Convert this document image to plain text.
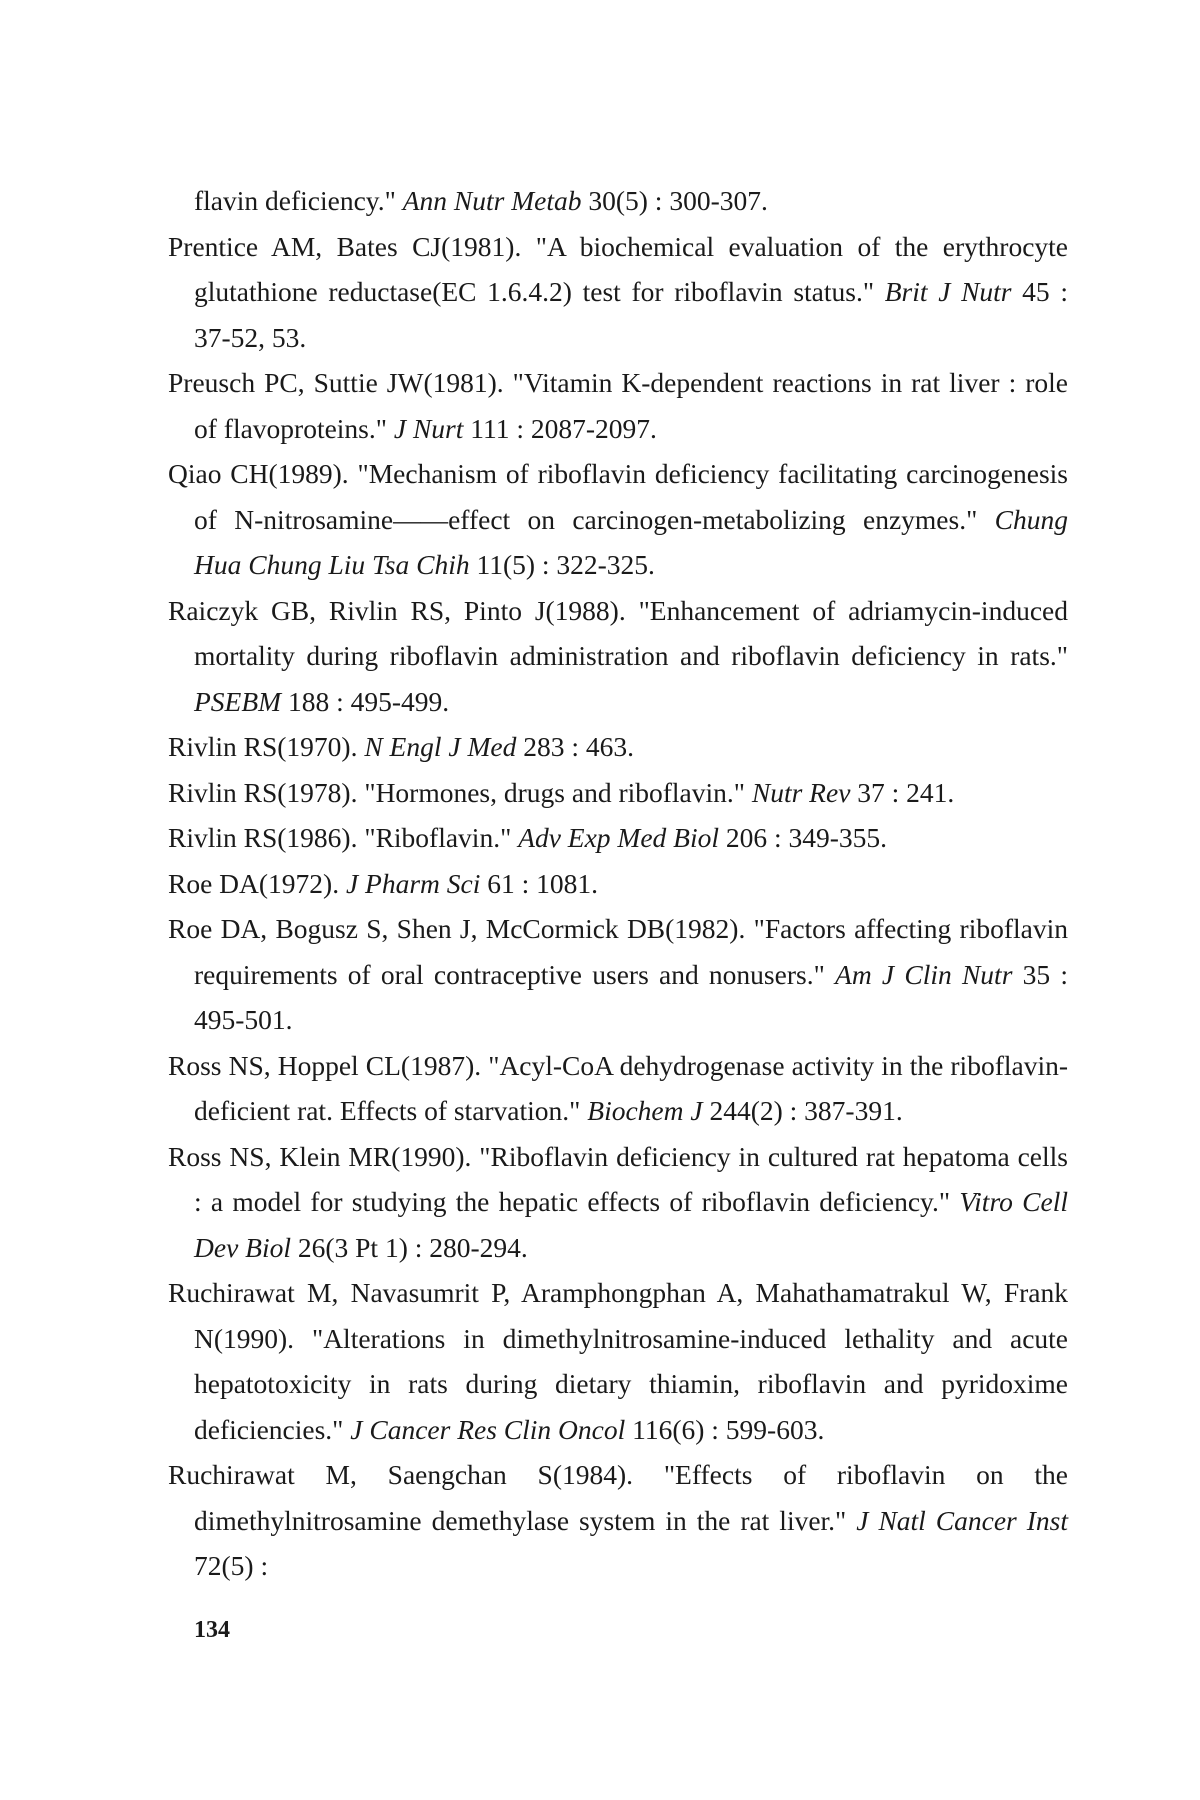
flavin deficiency." Ann Nutr Metab 30(5) : 300-307.
Prentice AM, Bates CJ(1981). "A biochemical evaluation of the erythrocyte glutathione reductase(EC 1.6.4.2) test for riboflavin status." Brit J Nutr 45 : 37-52, 53.
Preusch PC, Suttie JW(1981). "Vitamin K-dependent reactions in rat liver : role of flavoproteins." J Nurt 111 : 2087-2097.
Qiao CH(1989). "Mechanism of riboflavin deficiency facilitating carcinogenesis of N-nitrosamine——effect on carcinogen-metabolizing enzymes." Chung Hua Chung Liu Tsa Chih 11(5) : 322-325.
Raiczyk GB, Rivlin RS, Pinto J(1988). "Enhancement of adriamycin-induced mortality during riboflavin administration and riboflavin deficiency in rats." PSEBM 188 : 495-499.
Rivlin RS(1970). N Engl J Med 283 : 463.
Rivlin RS(1978). "Hormones, drugs and riboflavin." Nutr Rev 37 : 241.
Rivlin RS(1986). "Riboflavin." Adv Exp Med Biol 206 : 349-355.
Roe DA(1972). J Pharm Sci 61 : 1081.
Roe DA, Bogusz S, Shen J, McCormick DB(1982). "Factors affecting riboflavin requirements of oral contraceptive users and nonusers." Am J Clin Nutr 35 : 495-501.
Ross NS, Hoppel CL(1987). "Acyl-CoA dehydrogenase activity in the riboflavin-deficient rat. Effects of starvation." Biochem J 244(2) : 387-391.
Ross NS, Klein MR(1990). "Riboflavin deficiency in cultured rat hepatoma cells : a model for studying the hepatic effects of riboflavin deficiency." Vitro Cell Dev Biol 26(3 Pt 1) : 280-294.
Ruchirawat M, Navasumrit P, Aramphongphan A, Mahathamatrakul W, Frank N(1990). "Alterations in dimethylnitrosamine-induced lethality and acute hepatotoxicity in rats during dietary thiamin, riboflavin and pyridoxime deficiencies." J Cancer Res Clin Oncol 116(6) : 599-603.
Ruchirawat M, Saengchan S(1984). "Effects of riboflavin on the dimethylnitrosamine demethylase system in the rat liver." J Natl Cancer Inst 72(5) :
134
